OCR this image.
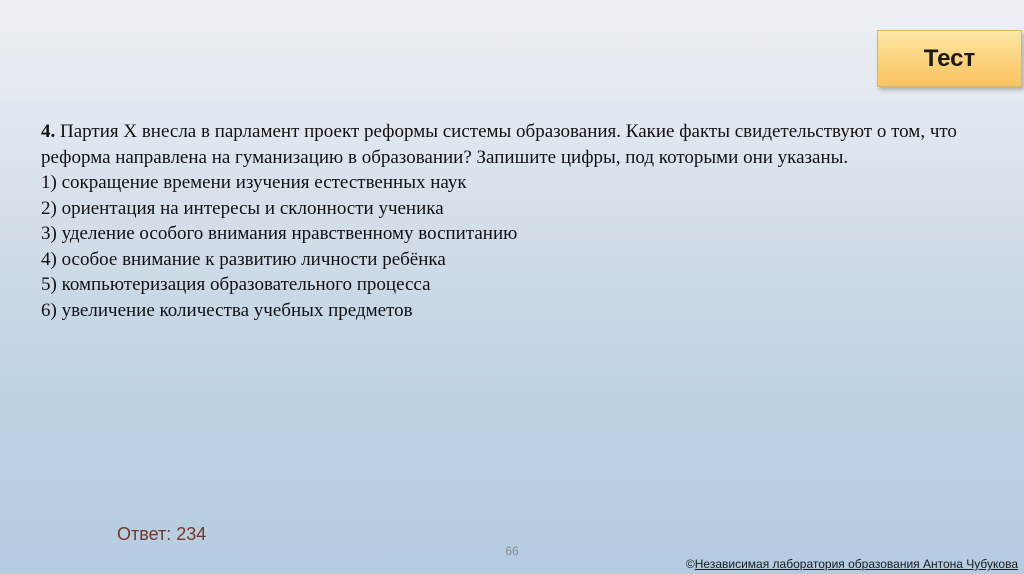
Тест
4. Партия Х внесла в парламент проект реформы системы образования. Какие факты свидетельствуют о том, что реформа направлена на гуманизацию в образовании? Запишите цифры, под которыми они указаны.
1) сокращение времени изучения естественных наук
2) ориентация на интересы и склонности ученика
3) уделение особого внимания нравственному воспитанию
4) особое внимание к развитию личности ребёнка
5) компьютеризация образовательного процесса
6) увеличение количества учебных предметов
Ответ: 234
66
©Независимая лаборатория образования Антона Чубукова
